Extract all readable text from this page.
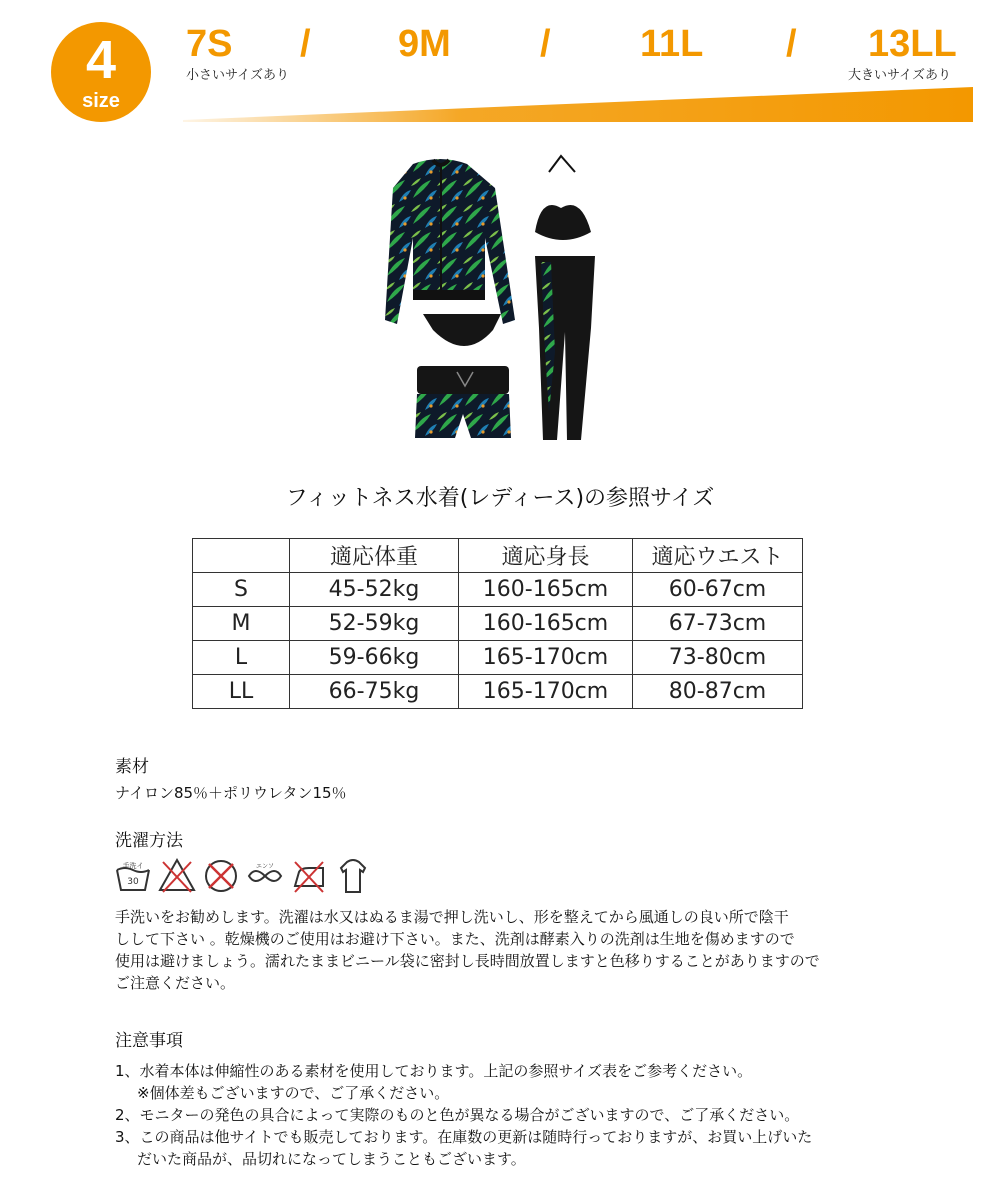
4
size
7S / 9M / 11L / 13LL
小さいサイズあり	大きいサイズあり
フィットネス水着(レディース)の参照サイズ
	適応体重	適応身長	適応ウエスト
S	45-52kg	160-165cm	60-67cm
M	52-59kg	160-165cm	67-73cm
L	59-66kg	165-170cm	73-80cm
LL	66-75kg	165-170cm	80-87cm
素材
ナイロン85％＋ポリウレタン15％
洗濯方法
手洗イ
30
エンソ
手洗いをお勧めします。洗濯は水又はぬるま湯で押し洗いし、形を整えてから風通しの良い所で陰干
しして下さい 。乾燥機のご使用はお避け下さい。また、洗剤は酵素入りの洗剤は生地を傷めますので
使用は避けましょう。濡れたままビニール袋に密封し長時間放置しますと色移りすることがありますので
ご注意ください。
注意事項
1、水着本体は伸縮性のある素材を使用しております。上記の参照サイズ表をご参考ください。
※個体差もございますので、ご了承ください。
2、モニターの発色の具合によって実際のものと色が異なる場合がございますので、ご了承ください。
3、この商品は他サイトでも販売しております。在庫数の更新は随時行っておりますが、お買い上げいた
だいた商品が、品切れになってしまうこともございます。
